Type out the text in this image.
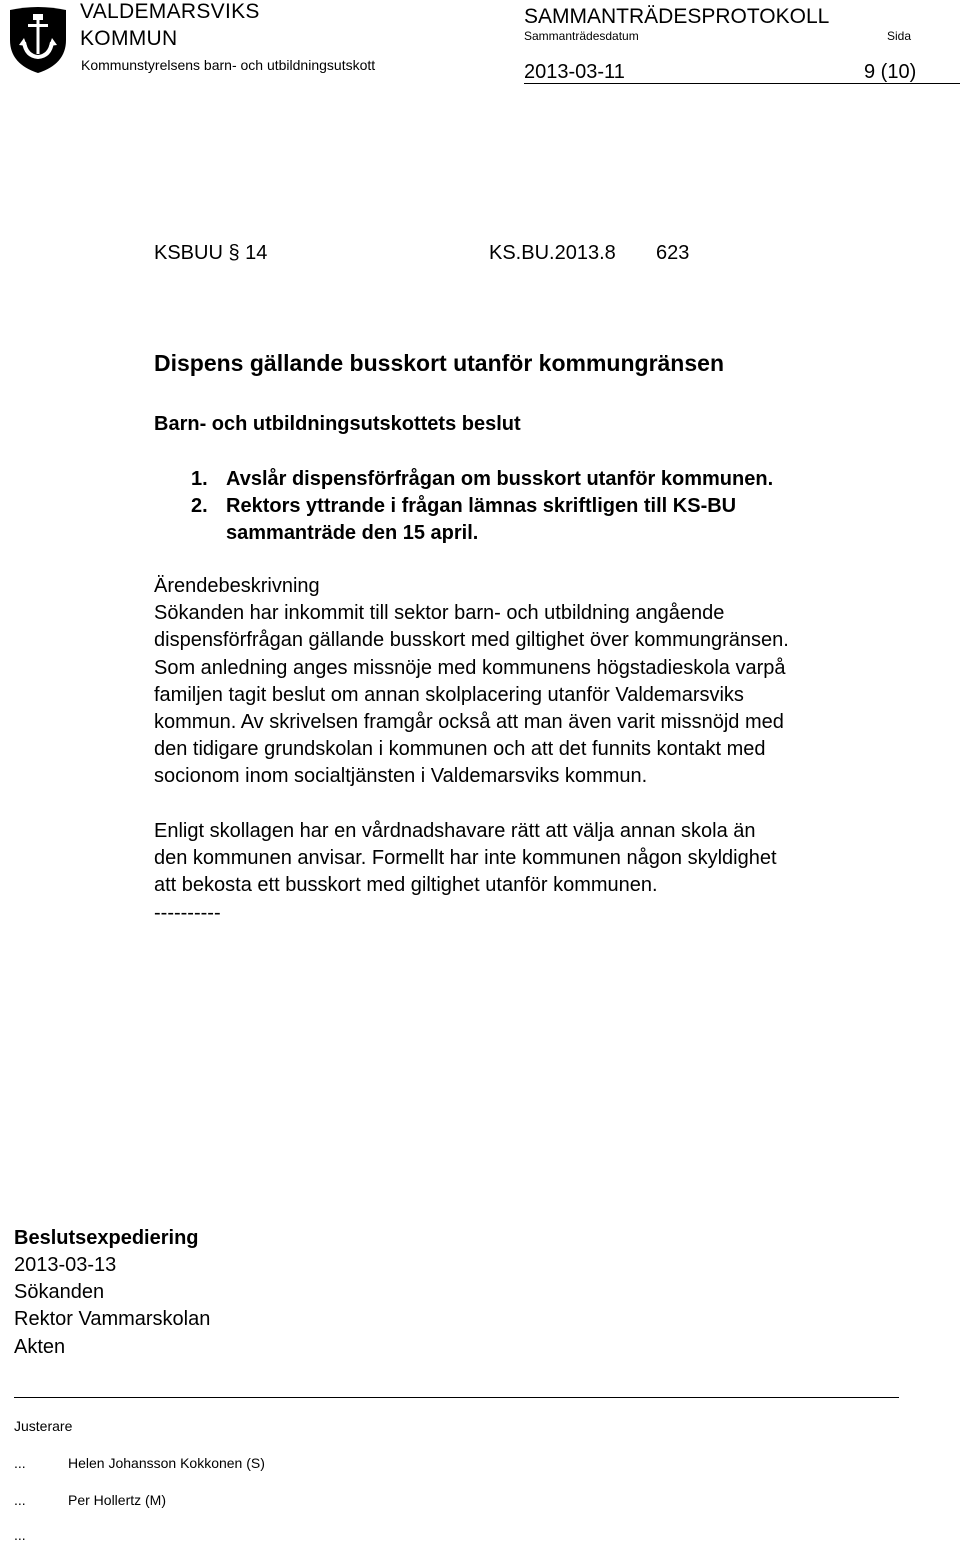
VALDEMARSVIKS
KOMMUN
Kommunstyrelsens barn- och utbildningsutskott
SAMMANTRÄDESPROTOKOLL
Sammanträdesdatum	Sida
2013-03-11	9 (10)
KSBUU § 14	KS.BU.2013.8 623
Dispens gällande busskort utanför kommungränsen
Barn- och utbildningsutskottets beslut
1. Avslår dispensförfrågan om busskort utanför kommunen.
2. Rektors yttrande i frågan lämnas skriftligen till KS-BU
sammanträde den 15 april.
Ärendebeskrivning
Sökanden har inkommit till sektor barn- och utbildning angående
dispensförfrågan gällande busskort med giltighet över kommungränsen.
Som anledning anges missnöje med kommunens högstadieskola varpå
familjen tagit beslut om annan skolplacering utanför Valdemarsviks
kommun. Av skrivelsen framgår också att man även varit missnöjd med
den tidigare grundskolan i kommunen och att det funnits kontakt med
socionom inom socialtjänsten i Valdemarsviks kommun.
Enligt skollagen har en vårdnadshavare rätt att välja annan skola än
den kommunen anvisar. Formellt har inte kommunen någon skyldighet
att bekosta ett busskort med giltighet utanför kommunen.
----------
Beslutsexpediering
2013-03-13
Sökanden
Rektor Vammarskolan
Akten
Justerare
...	Helen Johansson Kokkonen (S)
...	Per Hollertz (M)
...
